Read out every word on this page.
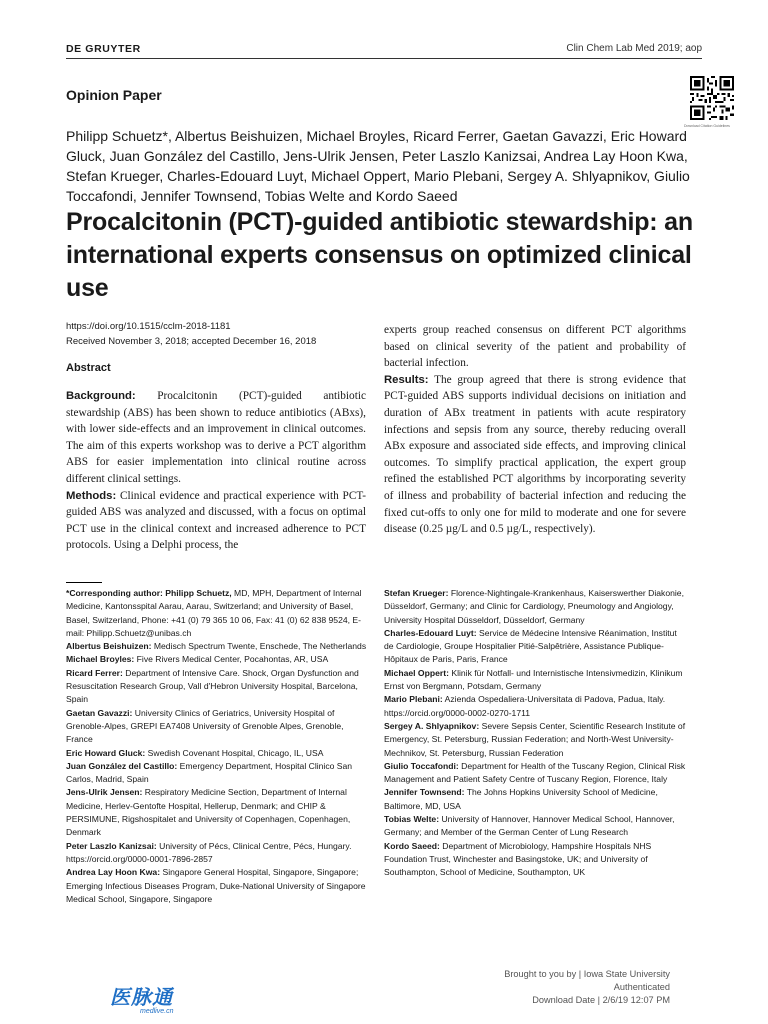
DE GRUYTER	Clin Chem Lab Med 2019; aop
Opinion Paper
Download Citation Guidelines
Philipp Schuetz*, Albertus Beishuizen, Michael Broyles, Ricard Ferrer, Gaetan Gavazzi, Eric Howard Gluck, Juan González del Castillo, Jens-Ulrik Jensen, Peter Laszlo Kanizsai, Andrea Lay Hoon Kwa, Stefan Krueger, Charles-Edouard Luyt, Michael Oppert, Mario Plebani, Sergey A. Shlyapnikov, Giulio Toccafondi, Jennifer Townsend, Tobias Welte and Kordo Saeed
Procalcitonin (PCT)-guided antibiotic stewardship: an international experts consensus on optimized clinical use
https://doi.org/10.1515/cclm-2018-1181
Received November 3, 2018; accepted December 16, 2018
Abstract
Background: Procalcitonin (PCT)-guided antibiotic stewardship (ABS) has been shown to reduce antibiotics (ABxs), with lower side-effects and an improvement in clinical outcomes. The aim of this experts workshop was to derive a PCT algorithm ABS for easier implementation into clinical routine across different clinical settings.
Methods: Clinical evidence and practical experience with PCT-guided ABS was analyzed and discussed, with a focus on optimal PCT use in the clinical context and increased adherence to PCT protocols. Using a Delphi process, the
experts group reached consensus on different PCT algorithms based on clinical severity of the patient and probability of bacterial infection.
Results: The group agreed that there is strong evidence that PCT-guided ABS supports individual decisions on initiation and duration of ABx treatment in patients with acute respiratory infections and sepsis from any source, thereby reducing overall ABx exposure and associated side effects, and improving clinical outcomes. To simplify practical application, the expert group refined the established PCT algorithms by incorporating severity of illness and probability of bacterial infection and reducing the fixed cut-offs to only one for mild to moderate and one for severe disease (0.25 µg/L and 0.5 µg/L, respectively).

*Corresponding author: Philipp Schuetz, MD, MPH, Department of Internal Medicine, Kantonsspital Aarau, Aarau, Switzerland; and University of Basel, Basel, Switzerland, Phone: +41 (0) 79 365 10 06, Fax: 41 (0) 62 838 9524, E-mail: Philipp.Schuetz@unibas.ch

Albertus Beishuizen: Medisch Spectrum Twente, Enschede, The Netherlands

Michael Broyles: Five Rivers Medical Center, Pocahontas, AR, USA

Ricard Ferrer: Department of Intensive Care. Shock, Organ Dysfunction and Resuscitation Research Group, Vall d'Hebron University Hospital, Barcelona, Spain

Gaetan Gavazzi: University Clinics of Geriatrics, University Hospital of Grenoble-Alpes, GREPI EA7408 University of Grenoble Alpes, Grenoble, France

Eric Howard Gluck: Swedish Covenant Hospital, Chicago, IL, USA

Juan González del Castillo: Emergency Department, Hospital Clinico San Carlos, Madrid, Spain

Jens-Ulrik Jensen: Respiratory Medicine Section, Department of Internal Medicine, Herlev-Gentofte Hospital, Hellerup, Denmark; and CHIP & PERSIMUNE, Rigshospitalet and University of Copenhagen, Copenhagen, Denmark

Peter Laszlo Kanizsai: University of Pécs, Clinical Centre, Pécs, Hungary. https://orcid.org/0000-0001-7896-2857

Andrea Lay Hoon Kwa: Singapore General Hospital, Singapore, Singapore; Emerging Infectious Diseases Program, Duke-National University of Singapore Medical School, Singapore, Singapore

Stefan Krueger: Florence-Nightingale-Krankenhaus, Kaiserswerther Diakonie, Düsseldorf, Germany; and Clinic for Cardiology, Pneumology and Angiology, University Hospital Düsseldorf, Düsseldorf, Germany

Charles-Edouard Luyt: Service de Médecine Intensive Réanimation, Institut de Cardiologie, Groupe Hospitalier Pitié-Salpêtrière, Assistance Publique-Hôpitaux de Paris, Paris, France

Michael Oppert: Klinik für Notfall- und Internistische Intensivmedizin, Klinikum Ernst von Bergmann, Potsdam, Germany

Mario Plebani: Azienda Ospedaliera-Universitata di Padova, Padua, Italy. https://orcid.org/0000-0002-0270-1711

Sergey A. Shlyapnikov: Severe Sepsis Center, Scientific Research Institute of Emergency, St. Petersburg, Russian Federation; and North-West University-Mechnikov, St. Petersburg, Russian Federation

Giulio Toccafondi: Department for Health of the Tuscany Region, Clinical Risk Management and Patient Safety Centre of Tuscany Region, Florence, Italy

Jennifer Townsend: The Johns Hopkins University School of Medicine, Baltimore, MD, USA

Tobias Welte: University of Hannover, Hannover Medical School, Hannover, Germany; and Member of the German Center of Lung Research

Kordo Saeed: Department of Microbiology, Hampshire Hospitals NHS Foundation Trust, Winchester and Basingstoke, UK; and University of Southampton, School of Medicine, Southampton, UK

Brought to you by | Iowa State University
Authenticated
Download Date | 2/6/19 12:07 PM
医脉通
medlive.cn
